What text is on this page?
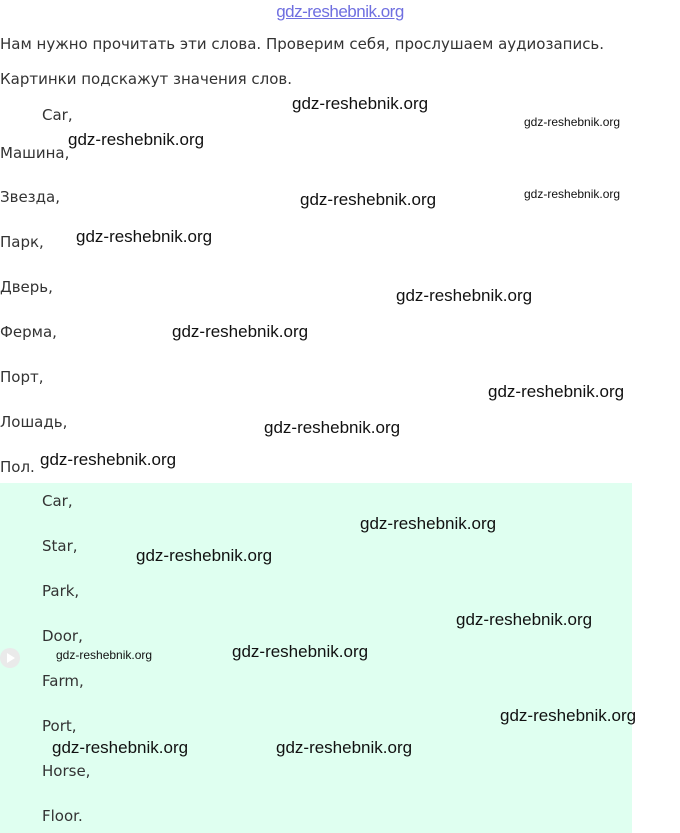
gdz-reshebnik.org
Нам нужно прочитать эти слова. Проверим себя, прослушаем аудиозапись.
Картинки подскажут значения слов.
Car,
Машина,
Звезда,
Парк,
Дверь,
Ферма,
Порт,
Лошадь,
Пол.
Car,
Star,
Park,
Door,
Farm,
Port,
Horse,
Floor.
gdz-reshebnik.org
gdz-reshebnik.org
gdz-reshebnik.org
gdz-reshebnik.org	gdz-reshebnik.org
gdz-reshebnik.org
gdz-reshebnik.org
gdz-reshebnik.org
gdz-reshebnik.org
gdz-reshebnik.org
gdz-reshebnik.org
gdz-reshebnik.org
gdz-reshebnik.org
gdz-reshebnik.org
gdz-reshebnik.org	gdz-reshebnik.org
gdz-reshebnik.org
gdz-reshebnik.org	gdz-reshebnik.org
